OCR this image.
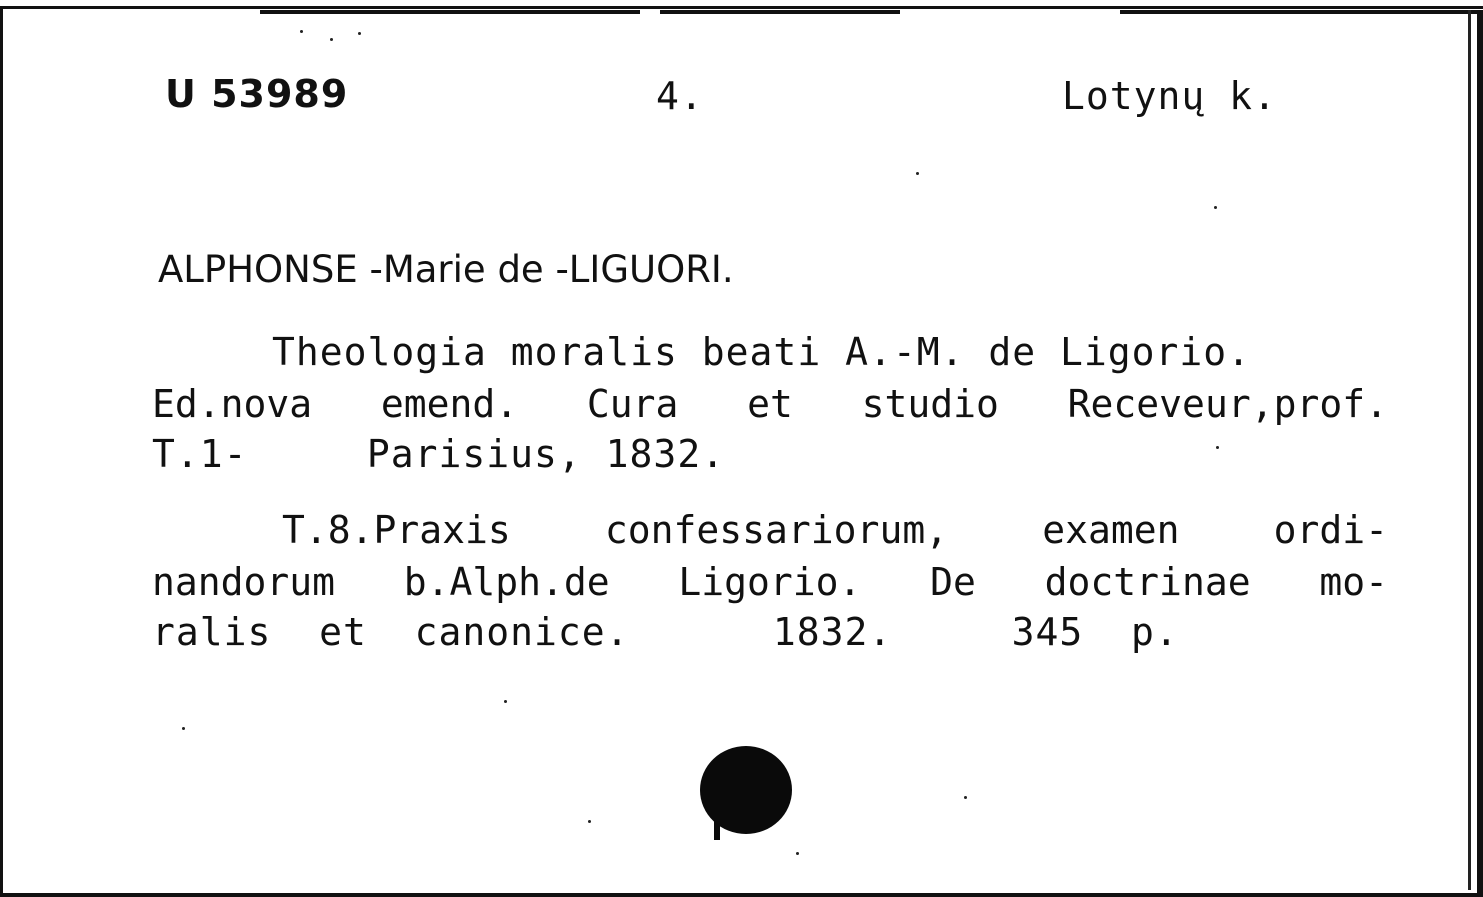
U 53989	4.	Lotynų k.
ALPHONSE -Marie de -LIGUORI.
Theologia moralis beati A.-M. de Ligorio.
Ed.nova emend. Cura et studio Receveur,prof.
T.1-     Parisius, 1832.
T.8.Praxis confessariorum, examen ordi-
nandorum b.Alph.de Ligorio. De doctrinae mo-
ralis  et  canonice.      1832.     345  p.
